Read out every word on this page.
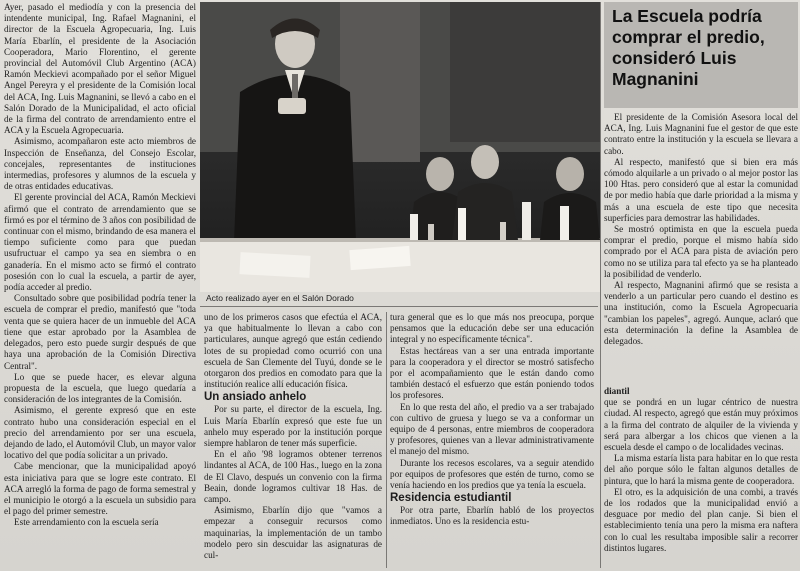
Ayer, pasado el mediodía y con la presencia del intendente municipal, Ing. Rafael Magnanini, el director de la Escuela Agropecuaria, Ing. Luis María Ebarlín, el presidente de la Asociación Cooperadora, Mario Florentino, el gerente provincial del Automóvil Club Argentino (ACA) Ramón Meckievi acompañado por el señor Miguel Angel Pereyra y el presidente de la Comisión local del ACA, Ing. Luis Magnanini, se llevó a cabo en el Salón Dorado de la Municipalidad, el acto oficial de la firma del contrato de arrendamiento entre el ACA y la Escuela Agropecuaria.

Asimismo, acompañaron este acto miembros de Inspección de Enseñanza, del Consejo Escolar, concejales, representantes de instituciones intermedias, profesores y alumnos de la escuela y de otras entidades educativas.

El gerente provincial del ACA, Ramón Meckievi afirmó que el contrato de arrendamiento que se firmó es por el término de 3 años con posibilidad de continuar con el mismo, brindando de esa manera el tiempo suficiente como para que puedan usufructuar el campo ya sea en siembra o en ganadería. En el mismo acto se firmó el contrato posesión con lo cual la escuela, a partir de ayer, podía acceder al predio.

Consultado sobre que posibilidad podría tener la escuela de comprar el predio, manifestó que "toda venta que se quiera hacer de un inmueble del ACA tiene que estar aprobado por la Asamblea de delegados, pero esto puede surgir después de que haya una aprobación de la Comisión Directiva Central".

Lo que se puede hacer, es elevar alguna propuesta de la escuela, que luego quedaría a consideración de los integrantes de la Comisión.

Asimismo, el gerente expresó que en este contrato hubo una consideración especial en el precio del arrendamiento por ser una escuela, dejando de lado, el Automóvil Club, un mayor valor locativo del que podía solicitar a un privado.

Cabe mencionar, que la municipalidad apoyó esta iniciativa para que se logre este contrato. El ACA arregló la forma de pago de forma semestral y el municipio le otorgó a la escuela un subsidio para el pago del primer semestre.

Este arrendamiento con la escuela sería

Acto realizado ayer en el Salón Dorado

uno de los primeros casos que efectúa el ACA, ya que habitualmente lo llevan a cabo con particulares, aunque agregó que están cediendo lotes de su propiedad como ocurrió con una escuela de San Clemente del Tuyú, donde se le otorgaron dos predios en comodato para que la institución realice allí educación física.

Un ansiado anhelo

Por su parte, el director de la escuela, Ing. Luis María Ebarlín expresó que este fue un anhelo muy esperado por la institución porque siempre hablaron de tener más superficie.

En el año '98 logramos obtener terrenos lindantes al ACA, de 100 Has., luego en la zona de El Clavo, después un convenio con la firma Beain, donde logramos cultivar 18 Has. de campo.

Asimismo, Ebarlín dijo que "vamos a empezar a conseguir recursos como maquinarias, la implementación de un tambo modelo pero sin descuidar las asignaturas de cul-

tura general que es lo que más nos preocupa, porque pensamos que la educación debe ser una educación integral y no específicamente técnica".

Estas hectáreas van a ser una entrada importante para la cooperadora y el director se mostró satisfecho por el acompañamiento que le están dando como también destacó el esfuerzo que están poniendo todos los profesores.

En lo que resta del año, el predio va a ser trabajado con cultivo de gruesa y luego se va a conformar un equipo de 4 personas, entre miembros de cooperadora y profesores, quienes van a llevar administrativamente el manejo del mismo.

Durante los recesos escolares, va a seguir atendido por equipos de profesores que estén de turno, como se venía haciendo en los predios que ya tenía la escuela.

Residencia estudiantil

Por otra parte, Ebarlín habló de los proyectos inmediatos. Uno es la residencia estu-

La Escuela podría comprar el predio, consideró Luis Magnanini

El presidente de la Comisión Asesora local del ACA, Ing. Luis Magnanini fue el gestor de que este contrato entre la institución y la escuela se llevara a cabo.

Al respecto, manifestó que si bien era más cómodo alquilarle a un privado o al mejor postor las 100 Htas. pero consideró que al estar la comunidad de por medio había que darle prioridad a la misma y más a una escuela de este tipo que necesita superficies para demostrar las habilidades.

Se mostró optimista en que la escuela pueda comprar el predio, porque el mismo había sido comprado por el ACA para pista de aviación pero como no se utiliza para tal efecto ya se ha planteado la posibilidad de venderlo.

Al respecto, Magnanini afirmó que se resista a venderlo a un particular pero cuando el destino es una institución, como la Escuela Agropecuaria "cambian los papeles", agregó. Aunque, aclaró que esta determinación la define la Asamblea de delegados.

diantil

que se pondrá en un lugar céntrico de nuestra ciudad. Al respecto, agregó que están muy próximos a la firma del contrato de alquiler de la vivienda y será para albergar a los chicos que vienen a la escuela desde el campo o de localidades vecinas.

La misma estaría lista para habitar en lo que resta del año porque sólo le faltan algunos detalles de pintura, que lo hará la misma gente de cooperadora.

El otro, es la adquisición de una combi, a través de los rodados que la municipalidad envió a desguace por medio del plan canje. Si bien el establecimiento tenía una pero la misma era naftera con lo cual les resultaba imposible salir a recorrer distintos lugares.
